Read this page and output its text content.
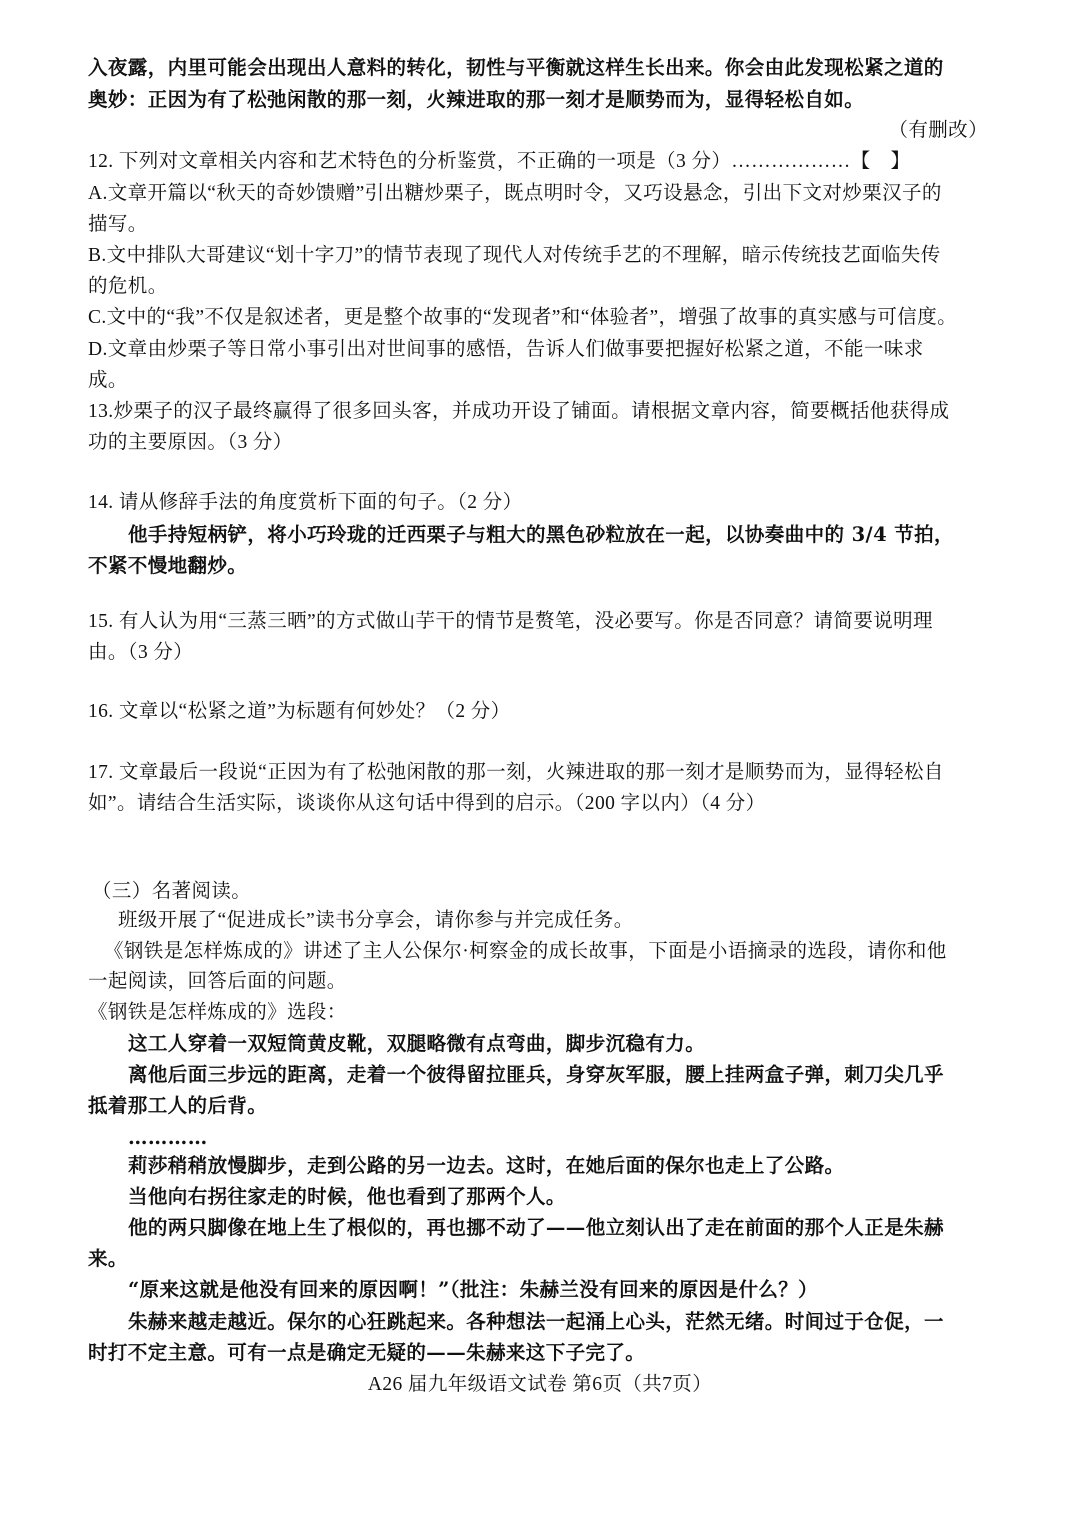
入夜露，内里可能会出现出人意料的转化，韧性与平衡就这样生长出来。你会由此发现松紧之道的
奥妙：正因为有了松弛闲散的那一刻，火辣进取的那一刻才是顺势而为，显得轻松自如。
（有删改）
12. 下列对文章相关内容和艺术特色的分析鉴赏，不正确的一项是（3 分）………………【　】
A.文章开篇以“秋天的奇妙馈赠”引出糖炒栗子，既点明时令，又巧设悬念，引出下文对炒栗汉子的
描写。
B.文中排队大哥建议“划十字刀”的情节表现了现代人对传统手艺的不理解，暗示传统技艺面临失传
的危机。
C.文中的“我”不仅是叙述者，更是整个故事的“发现者”和“体验者”，增强了故事的真实感与可信度。
D.文章由炒栗子等日常小事引出对世间事的感悟，告诉人们做事要把握好松紧之道，不能一味求
成。
13.炒栗子的汉子最终赢得了很多回头客，并成功开设了铺面。请根据文章内容，简要概括他获得成
功的主要原因。（3 分）
14. 请从修辞手法的角度赏析下面的句子。（2 分）
他手持短柄铲，将小巧玲珑的迁西栗子与粗大的黑色砂粒放在一起，以协奏曲中的 3/4 节拍，
不紧不慢地翻炒。
15. 有人认为用“三蒸三晒”的方式做山芋干的情节是赘笔，没必要写。你是否同意？请简要说明理
由。（3 分）
16. 文章以“松紧之道”为标题有何妙处？（2 分）
17. 文章最后一段说“正因为有了松弛闲散的那一刻，火辣进取的那一刻才是顺势而为，显得轻松自
如”。请结合生活实际，谈谈你从这句话中得到的启示。（200 字以内）（4 分）
（三）名著阅读。
班级开展了“促进成长”读书分享会，请你参与并完成任务。
《钢铁是怎样炼成的》讲述了主人公保尔·柯察金的成长故事，下面是小语摘录的选段，请你和他
一起阅读，回答后面的问题。
《钢铁是怎样炼成的》选段：
这工人穿着一双短筒黄皮靴，双腿略微有点弯曲，脚步沉稳有力。
离他后面三步远的距离，走着一个彼得留拉匪兵，身穿灰军服，腰上挂两盒子弹，刺刀尖几乎
抵着那工人的后背。
…………
莉莎稍稍放慢脚步，走到公路的另一边去。这时，在她后面的保尔也走上了公路。
当他向右拐往家走的时候，他也看到了那两个人。
他的两只脚像在地上生了根似的，再也挪不动了——他立刻认出了走在前面的那个人正是朱赫
来。
“原来这就是他没有回来的原因啊！”（批注：朱赫兰没有回来的原因是什么？）
朱赫来越走越近。保尔的心狂跳起来。各种想法一起涌上心头，茫然无绪。时间过于仓促，一
时打不定主意。可有一点是确定无疑的——朱赫来这下子完了。
A26 届九年级语文试卷 第6页（共7页）
